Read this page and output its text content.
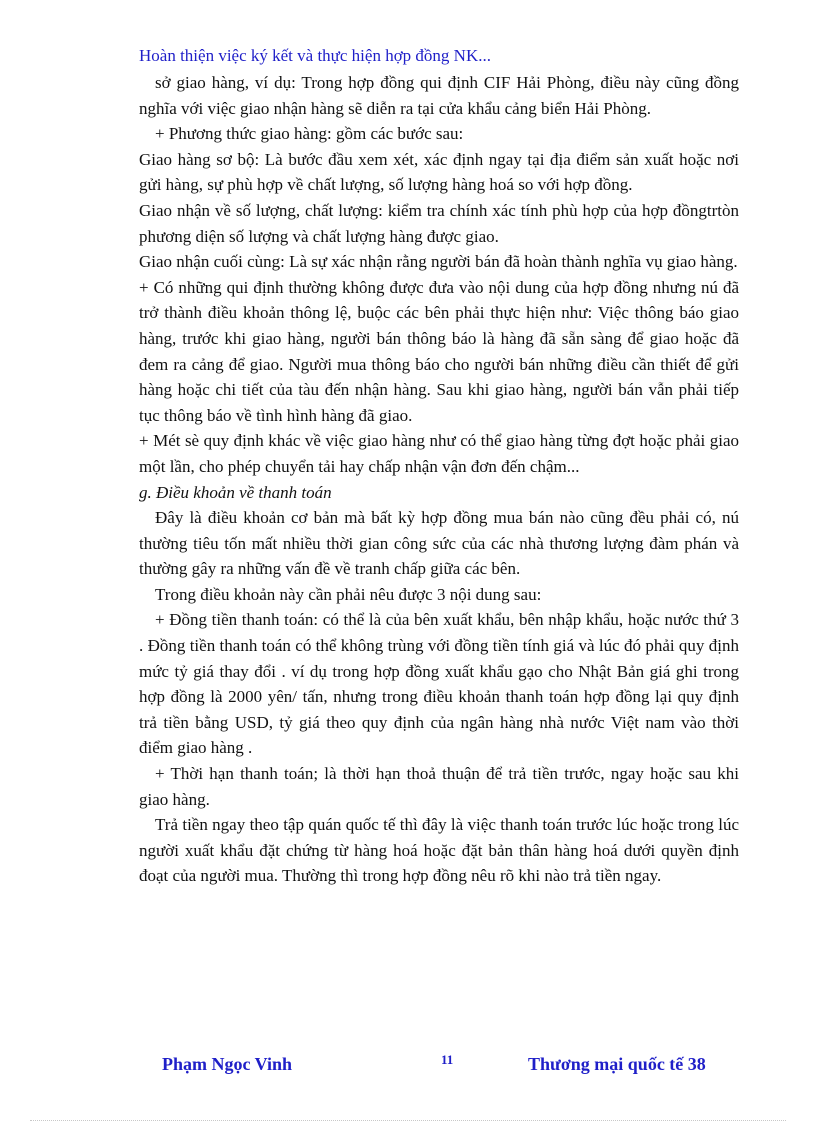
Hoàn thiện việc ký kết và thực hiện hợp đồng NK...

sở giao hàng, ví dụ: Trong hợp đồng qui định CIF Hải Phòng, điều này cũng đồng nghĩa với việc giao nhận hàng sẽ diễn ra tại cửa khẩu cảng biển Hải Phòng.

+ Phương thức giao hàng: gồm các bước sau:

Giao hàng sơ bộ: Là bước đầu xem xét, xác định ngay tại địa điểm sản xuất hoặc nơi gửi hàng, sự phù hợp về chất lượng, số lượng hàng hoá so với hợp đồng.

Giao nhận về số lượng, chất lượng: kiểm tra chính xác tính phù hợp của hợp đồngtrtòn phương diện số lượng và chất lượng hàng được giao.

Giao nhận cuối cùng: Là sự xác nhận rằng người bán đã hoàn thành nghĩa vụ giao hàng.

+ Có những qui định thường không được đưa vào nội dung của hợp đồng nhưng nú đã trở thành điều khoản thông lệ, buộc các bên phải thực hiện như: Việc thông báo giao hàng, trước khi giao hàng, người bán thông báo là hàng đã sẵn sàng để giao hoặc đã đem ra cảng để giao. Người mua thông báo cho người bán những điều cần thiết để gửi hàng hoặc chi tiết của tàu đến nhận hàng. Sau khi giao hàng, người bán vẫn phải tiếp tục thông báo về tình hình hàng đã giao.

+ Mét sè quy định khác về việc giao hàng như có thể giao hàng từng đợt hoặc phải giao một lần, cho phép chuyển tải hay chấp nhận vận đơn đến chậm...

g. Điều khoản về thanh toán

Đây là điều khoản cơ bản mà bất kỳ hợp đồng mua bán nào cũng đều phải có, nú thường tiêu tốn mất nhiều thời gian công sức của các nhà thương lượng đàm phán và thường gây ra những vấn đề về tranh chấp giữa các bên.

Trong điều khoản này cần phải nêu được 3 nội dung sau:

+ Đồng tiền thanh toán: có thể là của bên xuất khẩu, bên nhập khẩu, hoặc nước thứ 3 . Đồng tiền thanh toán có thể không trùng với đồng tiền tính giá và lúc đó phải quy định mức tỷ giá thay đổi . ví dụ trong hợp đồng xuất khẩu gạo cho Nhật Bản giá ghi trong hợp đồng là 2000 yên/ tấn, nhưng trong điều khoản thanh toán hợp đồng lại quy định trả tiền bằng USD, tỷ giá theo quy định của ngân hàng nhà nước Việt nam vào thời điểm giao hàng .

+ Thời hạn thanh toán; là thời hạn thoả thuận để trả tiền trước, ngay hoặc sau khi giao hàng.

Trả tiền ngay theo tập quán quốc tế thì đây là việc thanh toán trước lúc hoặc trong lúc người xuất khẩu đặt chứng từ hàng hoá hoặc đặt bản thân hàng hoá dưới quyền định đoạt của người mua. Thường thì trong hợp đồng nêu rõ khi nào trả tiền ngay.

Phạm Ngọc Vinh	11	Thương mại quốc tế 38
